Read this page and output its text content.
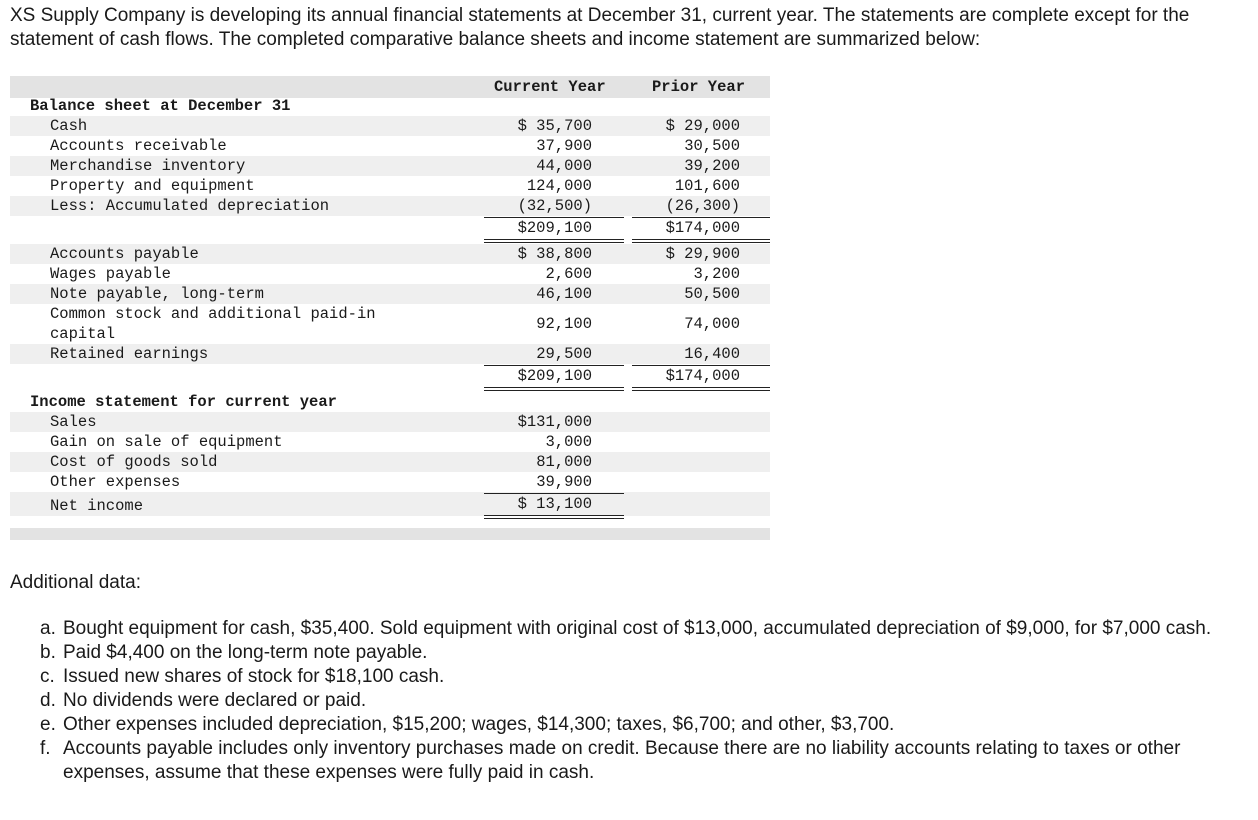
XS Supply Company is developing its annual financial statements at December 31, current year. The statements are complete except for the statement of cash flows. The completed comparative balance sheets and income statement are summarized below:

Current Year	Prior Year
Balance sheet at December 31
Cash	$ 35,700	$ 29,000
Accounts receivable	37,900	30,500
Merchandise inventory	44,000	39,200
Property and equipment	124,000	101,600
Less: Accumulated depreciation	(32,500)	(26,300)
$209,100	$174,000
Accounts payable	$ 38,800	$ 29,900
Wages payable	2,600	3,200
Note payable, long-term	46,100	50,500
Common stock and additional paid-in
capital
92,100	74,000
Retained earnings	29,500	16,400
$209,100	$174,000
Income statement for current year
Sales	$131,000
Gain on sale of equipment	3,000
Cost of goods sold	81,000
Other expenses	39,900
Net income	$ 13,100

Additional data:

a. Bought equipment for cash, $35,400. Sold equipment with original cost of $13,000, accumulated depreciation of $9,000, for $7,000 cash.
b. Paid $4,400 on the long-term note payable.
c. Issued new shares of stock for $18,100 cash.
d. No dividends were declared or paid.
e. Other expenses included depreciation, $15,200; wages, $14,300; taxes, $6,700; and other, $3,700.
f. Accounts payable includes only inventory purchases made on credit. Because there are no liability accounts relating to taxes or other expenses, assume that these expenses were fully paid in cash.
